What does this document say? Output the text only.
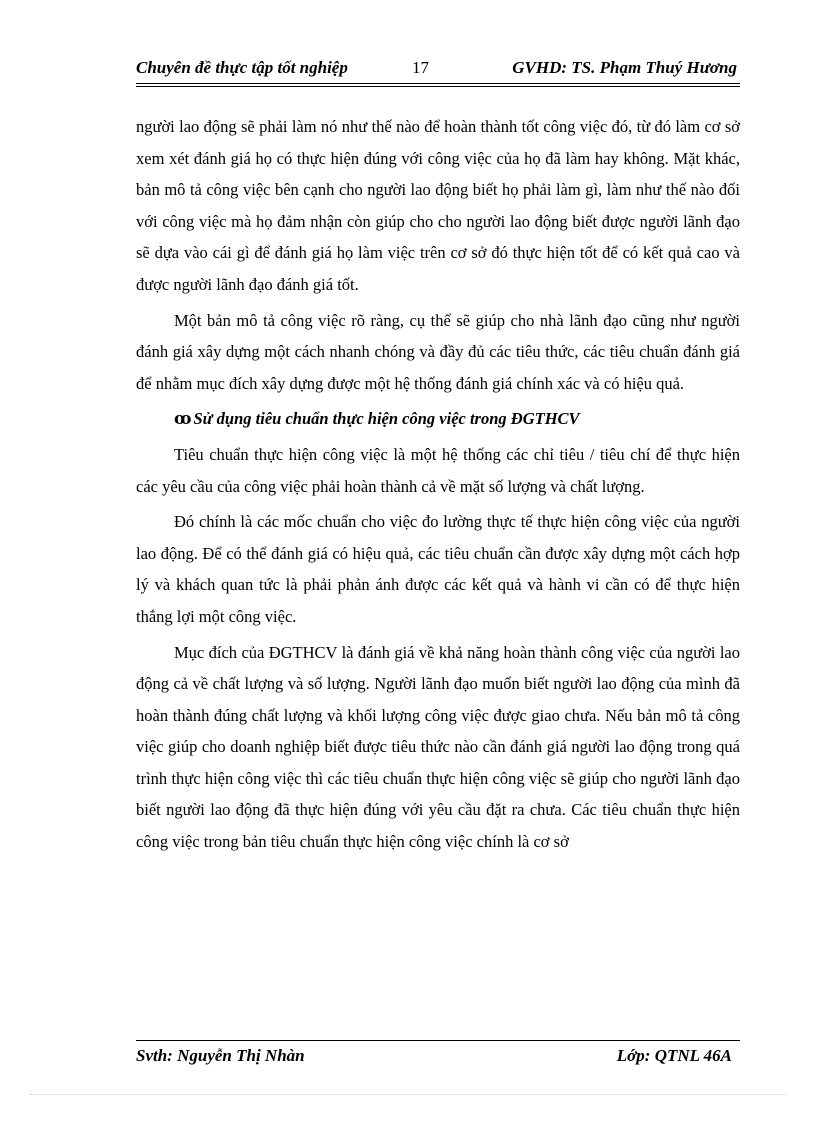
Chuyên đề thực tập tốt nghiệp	17	GVHD: TS. Phạm Thuý Hương

người lao động sẽ phải làm nó như thế nào để hoàn thành tốt công việc đó, từ đó làm cơ sở xem xét đánh giá họ có thực hiện đúng với công việc của họ đã làm hay không. Mặt khác, bản mô tả công việc bên cạnh cho người lao động biết họ phải làm gì, làm như thế nào đối với công việc mà họ đảm nhận còn giúp cho cho người lao động biết được người lãnh đạo sẽ dựa vào cái gì để đánh giá họ làm việc trên cơ sở đó thực hiện tốt để có kết quả cao và được người lãnh đạo đánh giá tốt.

Một bản mô tả công việc rõ ràng, cụ thể sẽ giúp cho nhà lãnh đạo cũng như người đánh giá xây dựng một cách nhanh chóng và đầy đủ các tiêu thức, các tiêu chuẩn đánh giá để nhằm mục đích xây dựng được một hệ thống đánh giá chính xác và có hiệu quả.

ꝏ Sử dụng tiêu chuẩn thực hiện công việc trong ĐGTHCV

Tiêu chuẩn thực hiện công việc là một hệ thống các chỉ tiêu / tiêu chí để thực hiện các yêu cầu của công việc phải hoàn thành cả về mặt số lượng và chất lượng.

Đó chính là các mốc chuẩn cho việc đo lường thực tế thực hiện công việc của người lao động. Để có thể đánh giá có hiệu quả, các tiêu chuẩn cần được xây dựng một cách hợp lý và khách quan tức là phải phản ánh được các kết quả và hành vi cần có để thực hiện thắng lợi một công việc.

Mục đích của ĐGTHCV là đánh giá về khả năng hoàn thành công việc của người lao động cả về chất lượng và số lượng. Người lãnh đạo muốn biết người lao động của mình đã hoàn thành đúng chất lượng và khối lượng công việc được giao chưa. Nếu bản mô tả công việc giúp cho doanh nghiệp biết được tiêu thức nào cần đánh giá người lao động trong quá trình thực hiện công việc thì các tiêu chuẩn thực hiện công việc sẽ giúp cho người lãnh đạo biết người lao động đã thực hiện đúng với yêu cầu đặt ra chưa. Các tiêu chuẩn thực hiện công việc trong bản tiêu chuẩn thực hiện công việc chính là cơ sở

Svth: Nguyễn Thị Nhàn	Lớp: QTNL 46A
